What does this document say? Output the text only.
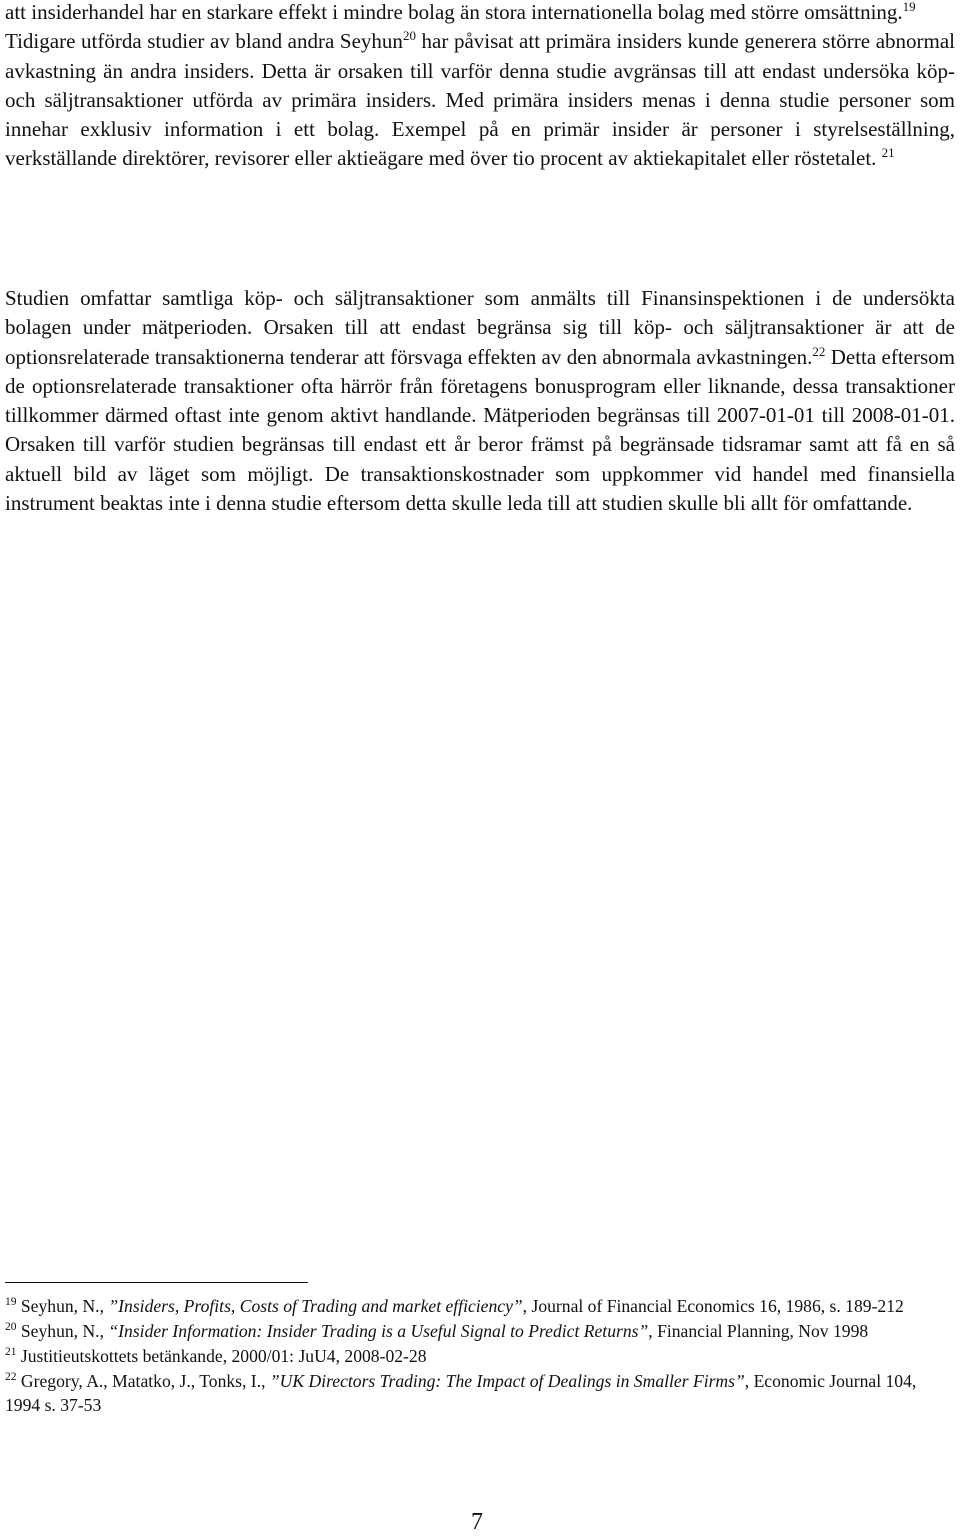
att insiderhandel har en starkare effekt i mindre bolag än stora internationella bolag med större omsättning.$^{19}$
Tidigare utförda studier av bland andra Seyhun$^{20}$ har påvisat att primära insiders kunde generera större abnormal avkastning än andra insiders. Detta är orsaken till varför denna studie avgränsas till att endast undersöka köp- och säljtransaktioner utförda av primära insiders. Med primära insiders menas i denna studie personer som innehar exklusiv information i ett bolag. Exempel på en primär insider är personer i styrelseställning, verkställande direktörer, revisorer eller aktieägare med över tio procent av aktiekapitalet eller röstetalet. $^{21}$

Studien omfattar samtliga köp- och säljtransaktioner som anmälts till Finansinspektionen i de undersökta bolagen under mätperioden. Orsaken till att endast begränsa sig till köp- och säljtransaktioner är att de optionsrelaterade transaktionerna tenderar att försvaga effekten av den abnormala avkastningen.$^{22}$ Detta eftersom de optionsrelaterade transaktioner ofta härrör från företagens bonusprogram eller liknande, dessa transaktioner tillkommer därmed oftast inte genom aktivt handlande. Mätperioden begränsas till 2007-01-01 till 2008-01-01. Orsaken till varför studien begränsas till endast ett år beror främst på begränsade tidsramar samt att få en så aktuell bild av läget som möjligt. De transaktionskostnader som uppkommer vid handel med finansiella instrument beaktas inte i denna studie eftersom detta skulle leda till att studien skulle bli allt för omfattande.

$^{19}$ Seyhun, N., ”Insiders, Profits, Costs of Trading and market efficiency”, Journal of Financial Economics 16, 1986, s. 189-212

$^{20}$ Seyhun, N., “Insider Information: Insider Trading is a Useful Signal to Predict Returns”, Financial Planning, Nov 1998

$^{21}$ Justitieutskottets betänkande, 2000/01: JuU4, 2008-02-28

$^{22}$ Gregory, A., Matatko, J., Tonks, I., ”UK Directors Trading: The Impact of Dealings in Smaller Firms”, Economic Journal 104, 1994 s. 37-53

7
